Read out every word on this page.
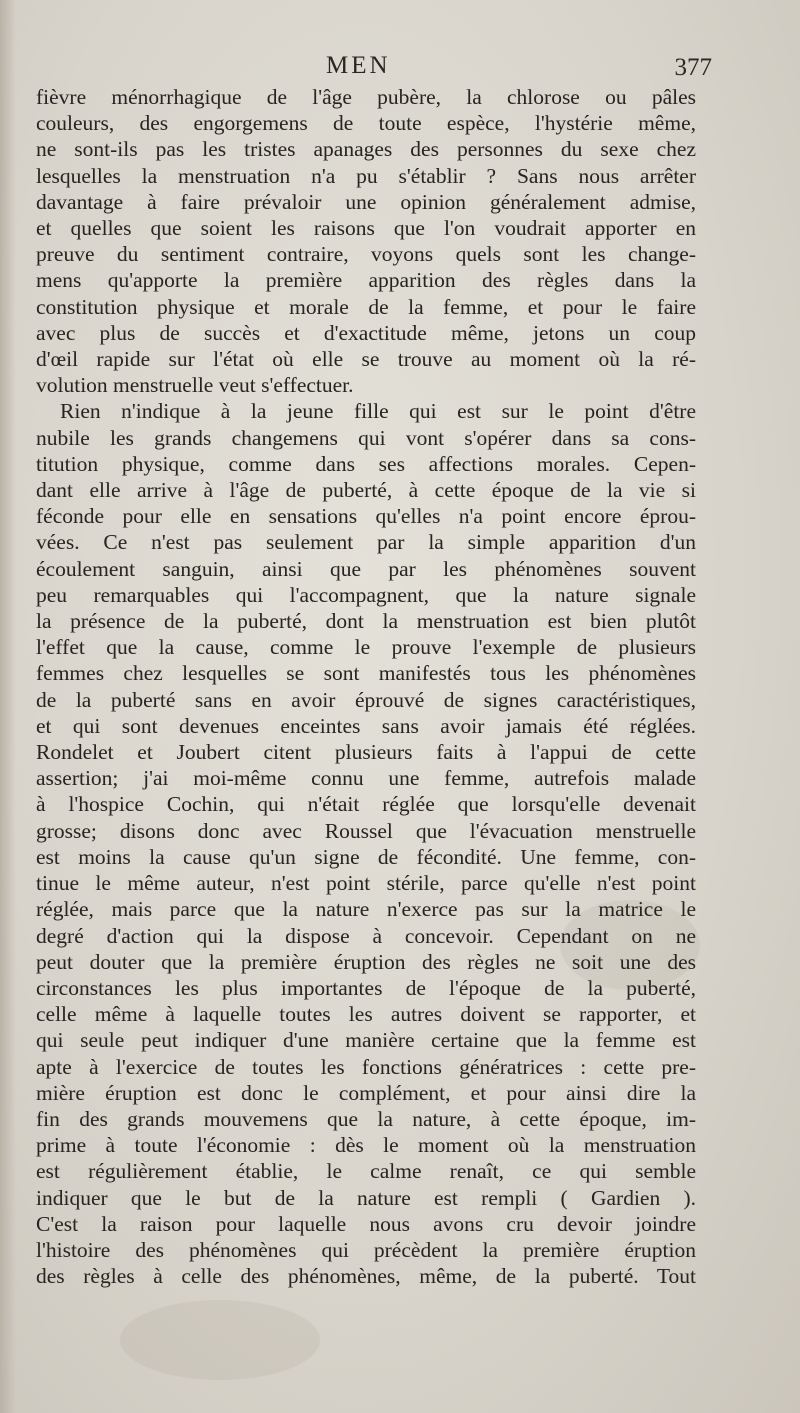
MEN	377
fièvre ménorrhagique de l'âge pubère, la chlorose ou pâles
couleurs, des engorgemens de toute espèce, l'hystérie même,
ne sont-ils pas les tristes apanages des personnes du sexe chez
lesquelles la menstruation n'a pu s'établir ? Sans nous arrêter
davantage à faire prévaloir une opinion généralement admise,
et quelles que soient les raisons que l'on voudrait apporter en
preuve du sentiment contraire, voyons quels sont les change-
mens qu'apporte la première apparition des règles dans la
constitution physique et morale de la femme, et pour le faire
avec plus de succès et d'exactitude même, jetons un coup
d'œil rapide sur l'état où elle se trouve au moment où la ré-
volution menstruelle veut s'effectuer.
Rien n'indique à la jeune fille qui est sur le point d'être
nubile les grands changemens qui vont s'opérer dans sa cons-
titution physique, comme dans ses affections morales. Cepen-
dant elle arrive à l'âge de puberté, à cette époque de la vie si
féconde pour elle en sensations qu'elles n'a point encore éprou-
vées. Ce n'est pas seulement par la simple apparition d'un
écoulement sanguin, ainsi que par les phénomènes souvent
peu remarquables qui l'accompagnent, que la nature signale
la présence de la puberté, dont la menstruation est bien plutôt
l'effet que la cause, comme le prouve l'exemple de plusieurs
femmes chez lesquelles se sont manifestés tous les phénomènes
de la puberté sans en avoir éprouvé de signes caractéristiques,
et qui sont devenues enceintes sans avoir jamais été réglées.
Rondelet et Joubert citent plusieurs faits à l'appui de cette
assertion; j'ai moi-même connu une femme, autrefois malade
à l'hospice Cochin, qui n'était réglée que lorsqu'elle devenait
grosse; disons donc avec Roussel que l'évacuation menstruelle
est moins la cause qu'un signe de fécondité. Une femme, con-
tinue le même auteur, n'est point stérile, parce qu'elle n'est point
réglée, mais parce que la nature n'exerce pas sur la matrice le
degré d'action qui la dispose à concevoir. Cependant on ne
peut douter que la première éruption des règles ne soit une des
circonstances les plus importantes de l'époque de la puberté,
celle même à laquelle toutes les autres doivent se rapporter, et
qui seule peut indiquer d'une manière certaine que la femme est
apte à l'exercice de toutes les fonctions génératrices : cette pre-
mière éruption est donc le complément, et pour ainsi dire la
fin des grands mouvemens que la nature, à cette époque, im-
prime à toute l'économie : dès le moment où la menstruation
est régulièrement établie, le calme renaît, ce qui semble
indiquer que le but de la nature est rempli ( Gardien ).
C'est la raison pour laquelle nous avons cru devoir joindre
l'histoire des phénomènes qui précèdent la première éruption
des règles à celle des phénomènes, même, de la puberté. Tout
